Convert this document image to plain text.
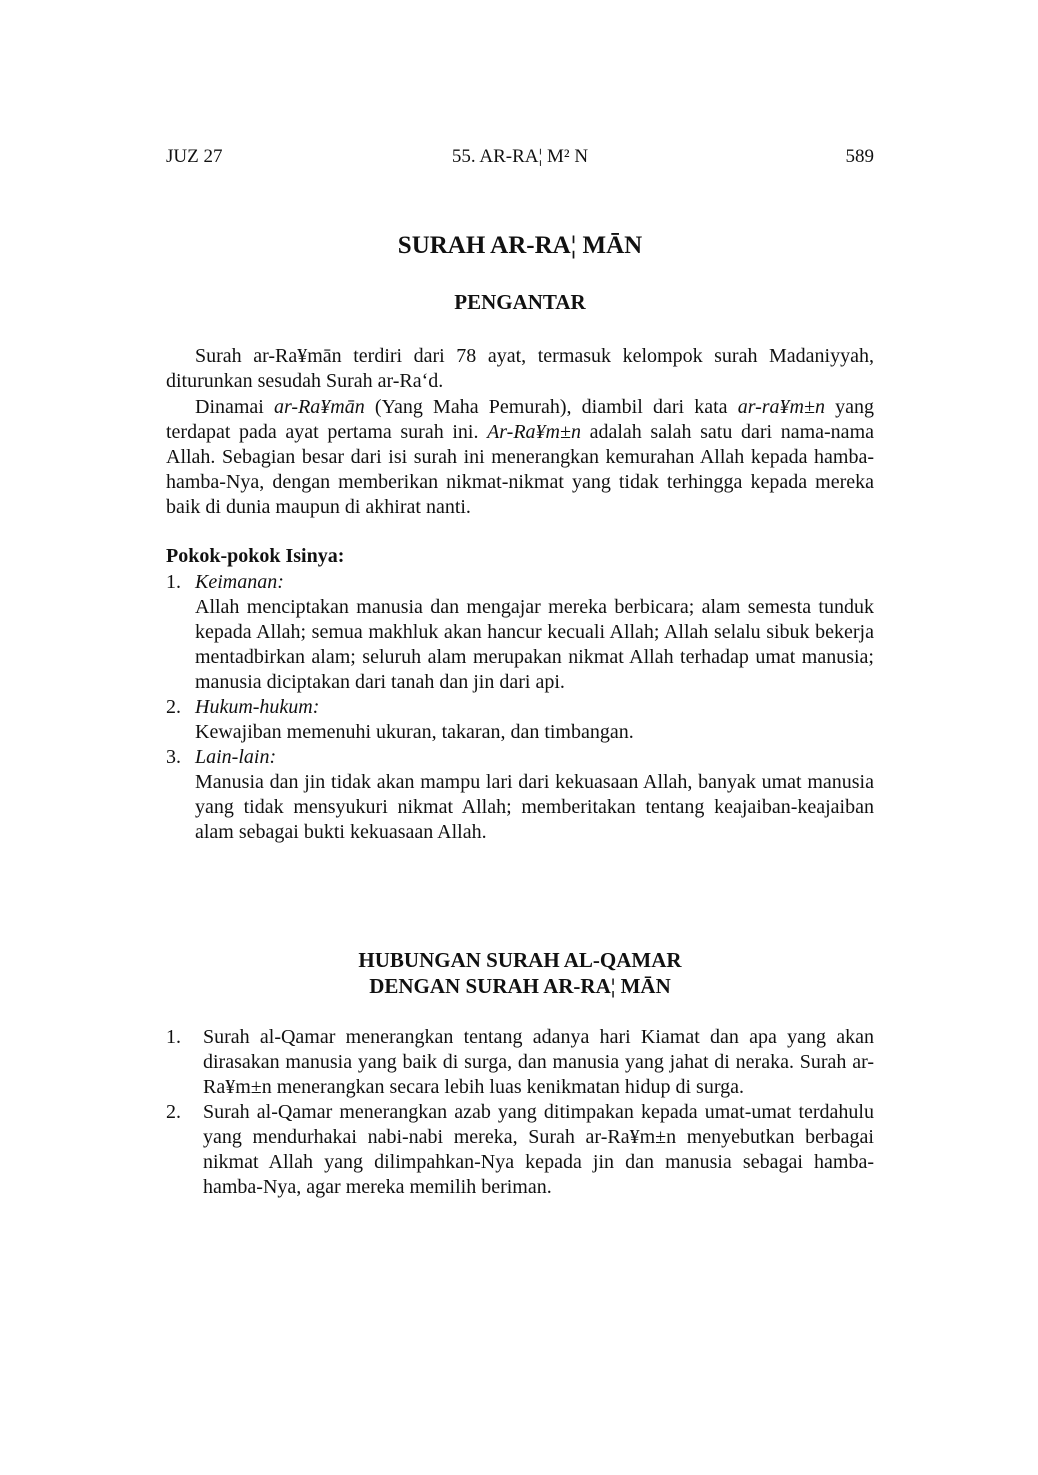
JUZ 27	55. AR-RA¦ M² N	589
SURAH AR-RA¦ MĀN
PENGANTAR

Surah ar-Ra¥mān terdiri dari 78 ayat, termasuk kelompok surah Madaniyyah, diturunkan sesudah Surah ar-Ra‘d.

Dinamai ar-Ra¥mān (Yang Maha Pemurah), diambil dari kata ar-ra¥m±n yang terdapat pada ayat pertama surah ini. Ar-Ra¥m±n adalah salah satu dari nama-nama Allah. Sebagian besar dari isi surah ini menerangkan kemurahan Allah kepada hamba-hamba-Nya, dengan memberikan nikmat-nikmat yang tidak terhingga kepada mereka baik di dunia maupun di akhirat nanti.

Pokok-pokok Isinya:
1. Keimanan:

Allah menciptakan manusia dan mengajar mereka berbicara; alam semesta tunduk kepada Allah; semua makhluk akan hancur kecuali Allah; Allah selalu sibuk bekerja mentadbirkan alam; seluruh alam merupakan nikmat Allah terhadap umat manusia; manusia diciptakan dari tanah dan jin dari api.

2. Hukum-hukum:

Kewajiban memenuhi ukuran, takaran, dan timbangan.

3. Lain-lain:

Manusia dan jin tidak akan mampu lari dari kekuasaan Allah, banyak umat manusia yang tidak mensyukuri nikmat Allah; memberitakan tentang keajaiban-keajaiban alam sebagai bukti kekuasaan Allah.

HUBUNGAN SURAH AL-QAMAR
DENGAN SURAH AR-RA¦ MĀN

1. Surah al-Qamar menerangkan tentang adanya hari Kiamat dan apa yang akan dirasakan manusia yang baik di surga, dan manusia yang jahat di neraka. Surah ar-Ra¥m±n menerangkan secara lebih luas kenikmatan hidup di surga.

2. Surah al-Qamar menerangkan azab yang ditimpakan kepada umat-umat terdahulu yang mendurhakai nabi-nabi mereka, Surah ar-Ra¥m±n menyebutkan berbagai nikmat Allah yang dilimpahkan-Nya kepada jin dan manusia sebagai hamba-hamba-Nya, agar mereka memilih beriman.
